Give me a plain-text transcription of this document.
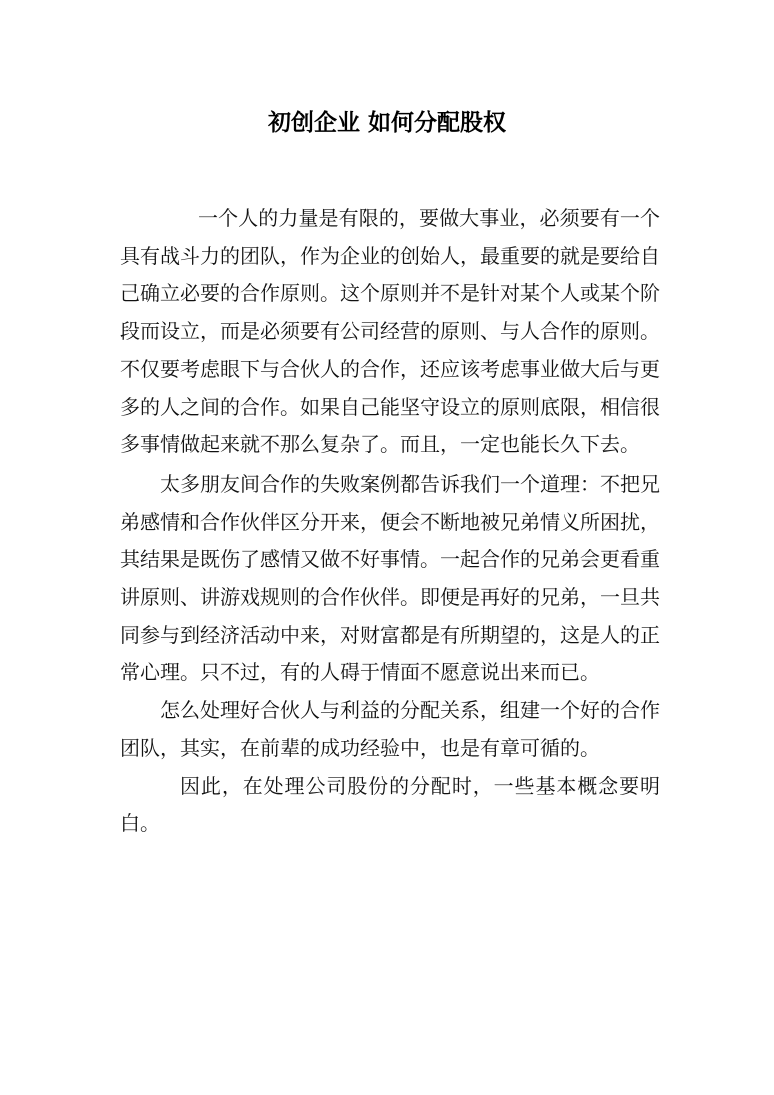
初创企业 如何分配股权

一个人的力量是有限的，要做大事业，必须要有一个具有战斗力的团队，作为企业的创始人，最重要的就是要给自己确立必要的合作原则。这个原则并不是针对某个人或某个阶段而设立，而是必须要有公司经营的原则、与人合作的原则。不仅要考虑眼下与合伙人的合作，还应该考虑事业做大后与更多的人之间的合作。如果自己能坚守设立的原则底限，相信很多事情做起来就不那么复杂了。而且，一定也能长久下去。

太多朋友间合作的失败案例都告诉我们一个道理：不把兄弟感情和合作伙伴区分开来，便会不断地被兄弟情义所困扰，其结果是既伤了感情又做不好事情。一起合作的兄弟会更看重讲原则、讲游戏规则的合作伙伴。即便是再好的兄弟，一旦共同参与到经济活动中来，对财富都是有所期望的，这是人的正常心理。只不过，有的人碍于情面不愿意说出来而已。

怎么处理好合伙人与利益的分配关系，组建一个好的合作团队，其实，在前辈的成功经验中，也是有章可循的。

因此，在处理公司股份的分配时，一些基本概念要明白。
